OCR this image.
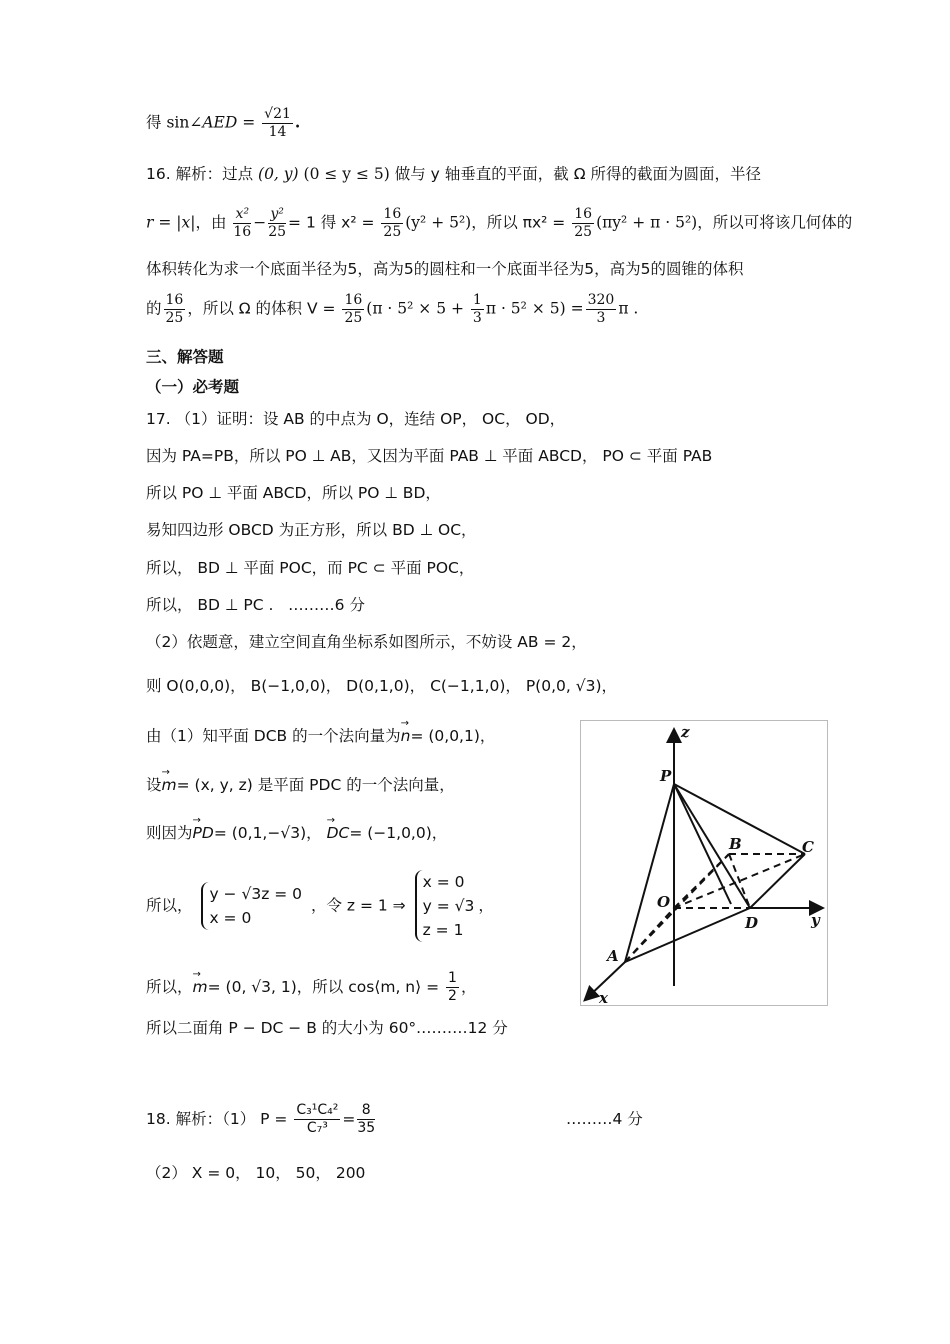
得 sin∠AED = $\frac{√21}{14}$ .
16. 解析：过点 (0, y) (0 ≤ y ≤ 5) 做与 y 轴垂直的平面，截 Ω 所得的截面为圆面，半径
r = |x|，由 $\frac{\text{x²}}{16} - \frac{\text{y²}}{25} = 1$ 得 $x^2 = \frac{16}{25} (y^2 + 5^2)$，所以 $\pi x^2 = \frac{16}{25} (\pi y^2 + \pi \cdot 5^2)$，所以可将该几何体的
体积转化为求一个底面半径为5，高为5的圆柱和一个底面半径为5，高为5的圆锥的体积
的 $\frac{16}{25}$ ，所以 Ω 的体积 $V = \frac{16}{25} (\pi \cdot 5^2 \times 5 + \frac{1}{3}$ $\pi \cdot 5^2 \times 5) = \frac{320}{3}$ π .
三、解答题
（一）必考题
17. （1）证明：设 AB 的中点为 O，连结 OP， OC， OD，
因为 PA=PB，所以 PO ⊥ AB，又因为平面 PAB ⊥ 平面 ABCD， PO ⊂ 平面 PAB
所以 PO ⊥ 平面 ABCD，所以 PO ⊥ BD，
易知四边形 OBCD 为正方形，所以 BD ⊥ OC，
所以， BD ⊥ 平面 POC，而 PC ⊂ 平面 POC，
所以， BD ⊥ PC . ………6 分
（2）依题意，建立空间直角坐标系如图所示，不妨设 AB = 2，
则 O(0,0,0)， B(−1,0,0)， D(0,1,0)， C(−1,1,0)， P(0,0, √3)，
由（1）知平面 DCB 的一个法向量为→ n= (0,0,1)，
设→ m= (x, y, z) 是平面 PDC 的一个法向量，
则因为→ PD= (0,1,−√3)， → DC= (−1,0,0)，
所以，
y − √3z = 0
x = 0
，令 z = 1 ⇒
x = 0
y = √3
z = 1
，
所以，→ m= (0, √3, 1)，所以 cos⟨m, n⟩ = $\frac{1}{2}$ ，
所以二面角 P − DC − B 的大小为 60°.………12 分
18. 解析：（1） $P = \frac{\text{C₃¹C₄²}}{\text{C₇³}} = \frac{8}{35}$	………4 分
（2） X = 0， 10， 50， 200
z
y
x
P
B	C
O
D
A
